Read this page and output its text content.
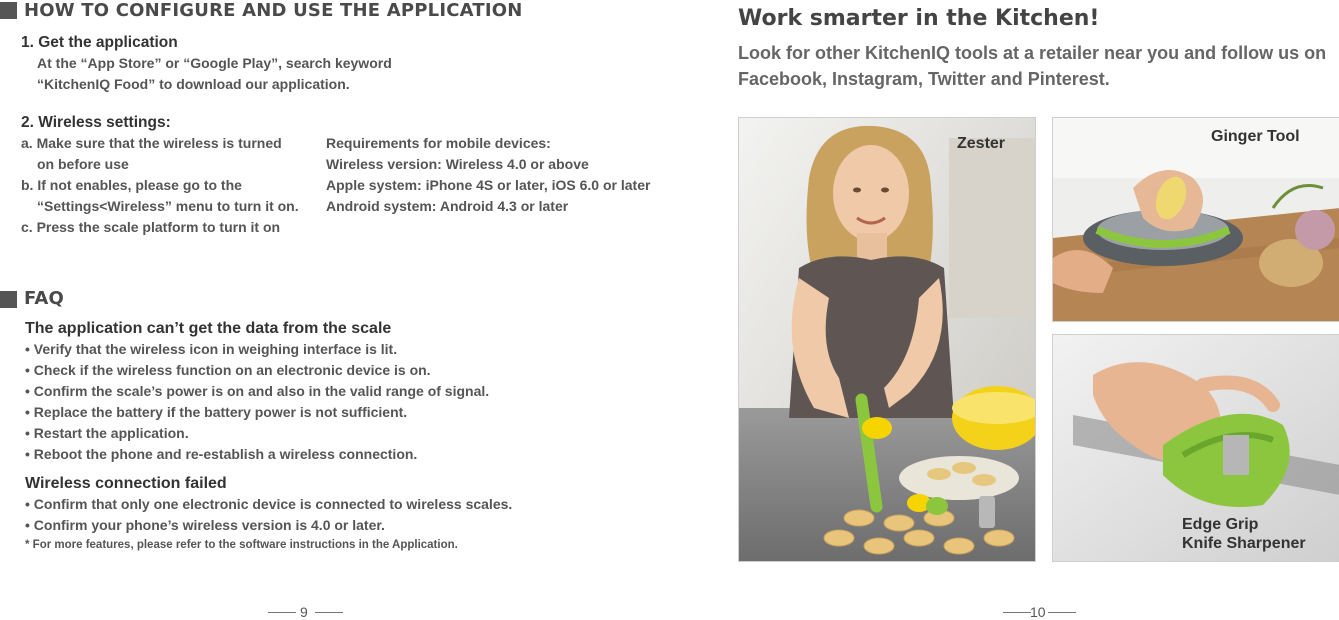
HOW TO CONFIGURE AND USE THE APPLICATION
1. Get the application
At the “App Store” or “Google Play”, search keyword
“KitchenIQ Food” to download our application.
2. Wireless settings:
a. Make sure that the wireless is turned
on before use
b. If not enables, please go to the
“Settings<Wireless” menu to turn it on.
c. Press the scale platform to turn it on
Requirements for mobile devices:
Wireless version: Wireless 4.0 or above
Apple system: iPhone 4S or later, iOS 6.0 or later
Android system: Android 4.3 or later
FAQ
The application can’t get the data from the scale
• Verify that the wireless icon in weighing interface is lit.
• Check if the wireless function on an electronic device is on.
• Confirm the scale’s power is on and also in the valid range of signal.
• Replace the battery if the battery power is not sufficient.
• Restart the application.
• Reboot the phone and re-establish a wireless connection.
Wireless connection failed
• Confirm that only one electronic device is connected to wireless scales.
• Confirm your phone’s wireless version is 4.0 or later.
* For more features, please refer to the software instructions in the Application.
9
Work smarter in the Kitchen!
Look for other KitchenIQ tools at a retailer near you and follow us on
Facebook, Instagram, Twitter and Pinterest.
Zester	Ginger Tool
Edge Grip
Knife Sharpener
10
